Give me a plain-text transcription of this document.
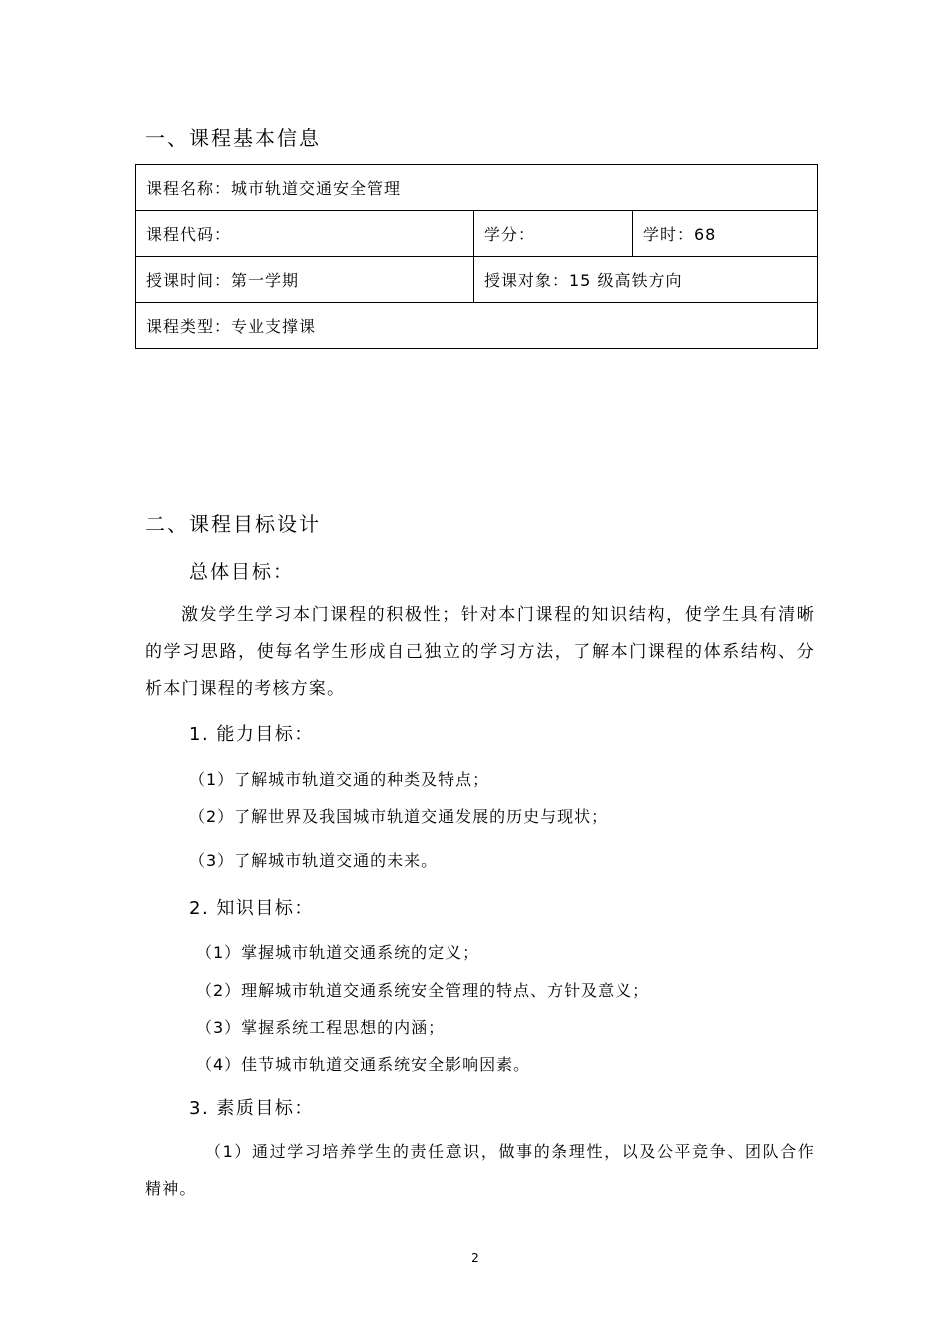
一、课程基本信息
课程名称：城市轨道交通安全管理		
课程代码：	学分：	学时：68
授课时间：第一学期	授课对象：15 级高铁方向	
课程类型：专业支撑课		
二、课程目标设计
总体目标：
激发学生学习本门课程的积极性；针对本门课程的知识结构，使学生具有清晰的学习思路，使每名学生形成自己独立的学习方法，了解本门课程的体系结构、分析本门课程的考核方案。
1. 能力目标：
（1）了解城市轨道交通的种类及特点；
（2）了解世界及我国城市轨道交通发展的历史与现状；
（3）了解城市轨道交通的未来。
2. 知识目标：
（1）掌握城市轨道交通系统的定义；
（2）理解城市轨道交通系统安全管理的特点、方针及意义；
（3）掌握系统工程思想的内涵；
（4）佳节城市轨道交通系统安全影响因素。
3. 素质目标：
（1）通过学习培养学生的责任意识，做事的条理性，以及公平竞争、团队合作精神。
2
